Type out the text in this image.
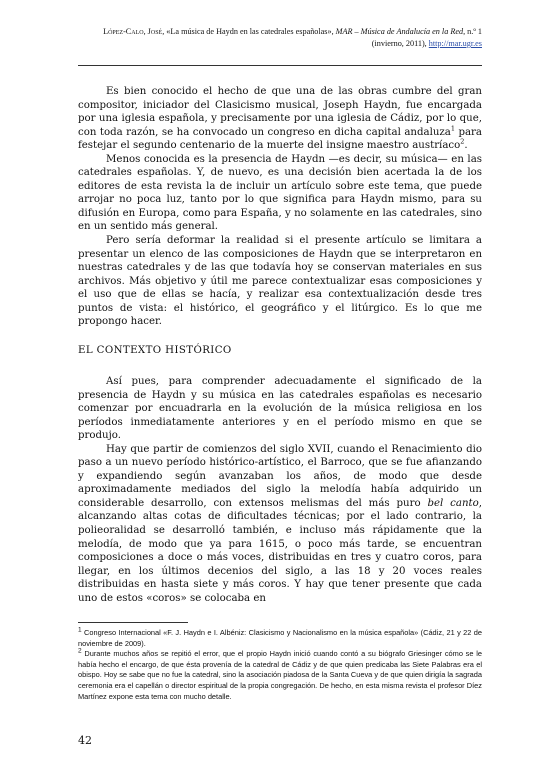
López-Calo, José, «La música de Haydn en las catedrales españolas», MAR – Música de Andalucía en la Red, n.º 1 (invierno, 2011), http://mar.ugr.es

Es bien conocido el hecho de que una de las obras cumbre del gran compositor, iniciador del Clasicismo musical, Joseph Haydn, fue encargada por una iglesia española, y precisamente por una iglesia de Cádiz, por lo que, con toda razón, se ha convocado un congreso en dicha capital andaluza$^1$ para festejar el segundo centenario de la muerte del insigne maestro austríaco$^2$.

Menos conocida es la presencia de Haydn —es decir, su música— en las catedrales españolas. Y, de nuevo, es una decisión bien acertada la de los editores de esta revista la de incluir un artículo sobre este tema, que puede arrojar no poca luz, tanto por lo que significa para Haydn mismo, para su difusión en Europa, como para España, y no solamente en las catedrales, sino en un sentido más general.

Pero sería deformar la realidad si el presente artículo se limitara a presentar un elenco de las composiciones de Haydn que se interpretaron en nuestras catedrales y de las que todavía hoy se conservan materiales en sus archivos. Más objetivo y útil me parece contextualizar esas composiciones y el uso que de ellas se hacía, y realizar esa contextualización desde tres puntos de vista: el histórico, el geográfico y el litúrgico. Es lo que me propongo hacer.

EL CONTEXTO HISTÓRICO

Así pues, para comprender adecuadamente el significado de la presencia de Haydn y su música en las catedrales españolas es necesario comenzar por encuadrarla en la evolución de la música religiosa en los períodos inmediatamente anteriores y en el período mismo en que se produjo.

Hay que partir de comienzos del siglo XVII, cuando el Renacimiento dio paso a un nuevo período histórico-artístico, el Barroco, que se fue afianzando y expandiendo según avanzaban los años, de modo que desde aproximadamente mediados del siglo la melodía había adquirido un considerable desarrollo, con extensos melismas del más puro bel canto, alcanzando altas cotas de dificultades técnicas; por el lado contrario, la polieoralidad se desarrolló también, e incluso más rápidamente que la melodía, de modo que ya para 1615, o poco más tarde, se encuentran composiciones a doce o más voces, distribuidas en tres y cuatro coros, para llegar, en los últimos decenios del siglo, a las 18 y 20 voces reales distribuidas en hasta siete y más coros. Y hay que tener presente que cada uno de estos «coros» se colocaba en

$^1$ Congreso Internacional «F. J. Haydn e I. Albéniz: Clasicismo y Nacionalismo en la música española» (Cádiz, 21 y 22 de noviembre de 2009).

$^2$ Durante muchos años se repitió el error, que el propio Haydn inició cuando contó a su biógrafo Griesinger cómo se le había hecho el encargo, de que ésta provenía de la catedral de Cádiz y de que quien predicaba las Siete Palabras era el obispo. Hoy se sabe que no fue la catedral, sino la asociación piadosa de la Santa Cueva y de que quien dirigía la sagrada ceremonia era el capellán o director espiritual de la propia congregación. De hecho, en esta misma revista el profesor Díez Martínez expone esta tema con mucho detalle.

42
